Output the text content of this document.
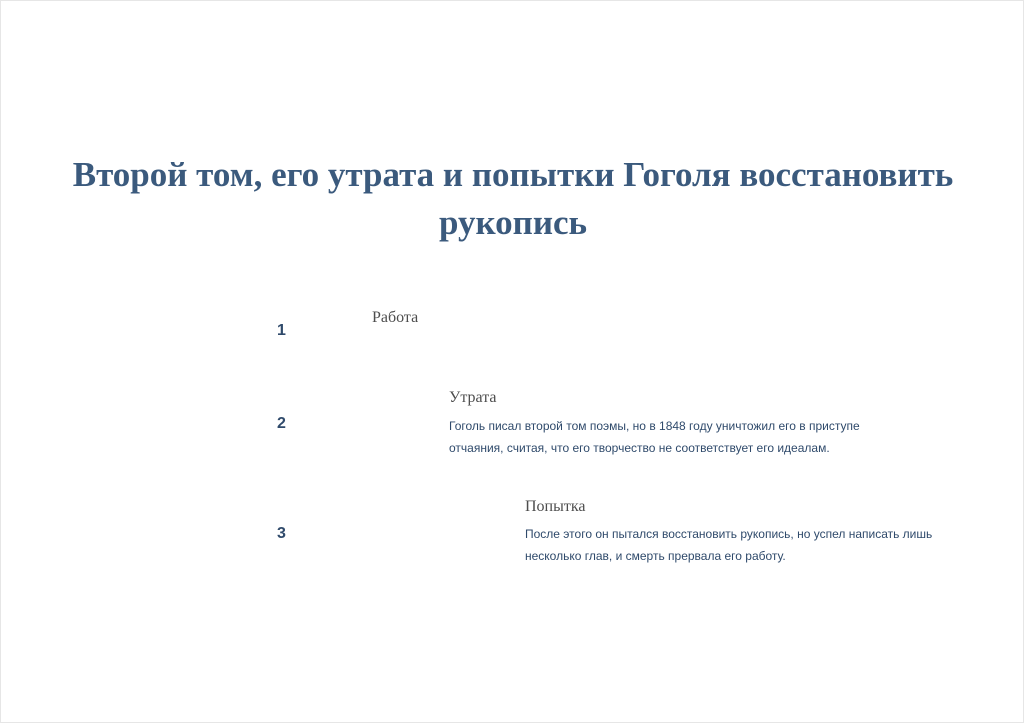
Второй том, его утрата и попытки Гоголя восстановить рукопись
1
Работа
2
Утрата
Гоголь писал второй том поэмы, но в 1848 году уничтожил его в приступе отчаяния, считая, что его творчество не соответствует его идеалам.
3
Попытка
После этого он пытался восстановить рукопись, но успел написать лишь несколько глав, и смерть прервала его работу.
